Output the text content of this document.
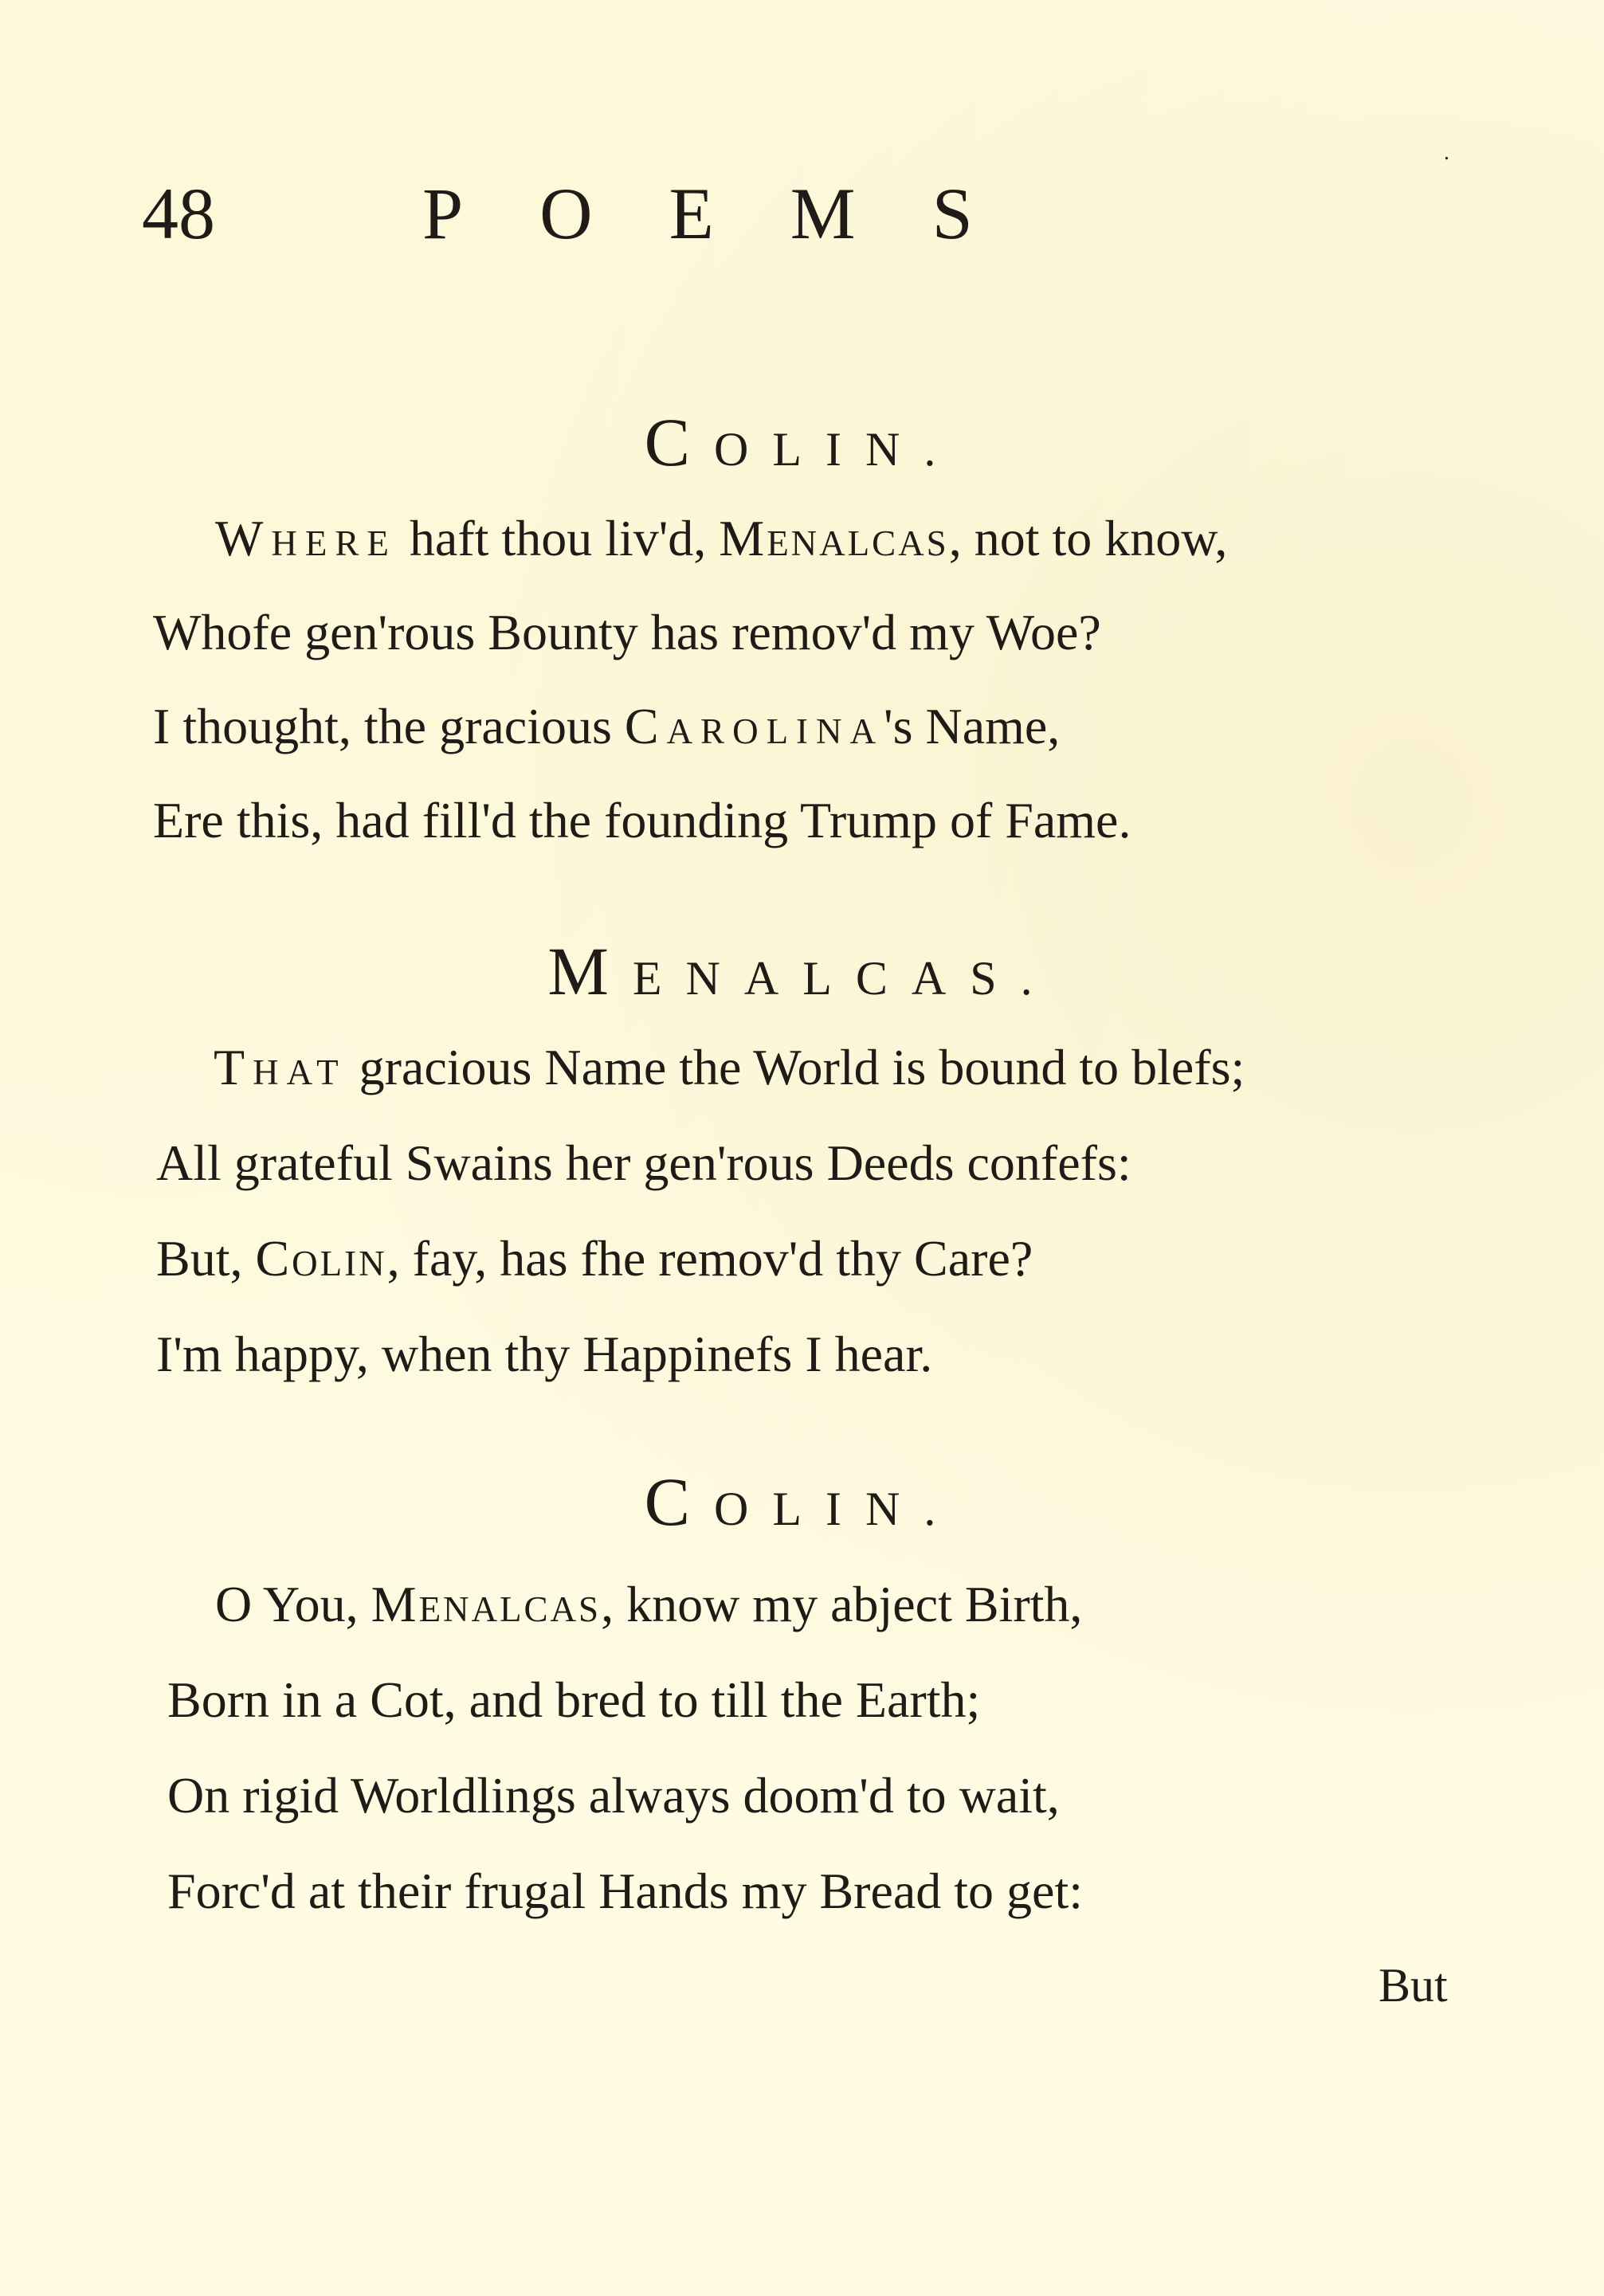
48	POEMS
.
COLIN.
Where haft thou liv'd, Menalcas, not to know,
Whofe gen'rous Bounty has remov'd my Woe?
I thought, the gracious Carolina's Name,
Ere this, had fill'd the founding Trump of Fame.
MENALCAS.
That gracious Name the World is bound to blefs;
All grateful Swains her gen'rous Deeds confefs:
But, Colin, fay, has fhe remov'd thy Care?
I'm happy, when thy Happinefs I hear.
COLIN.
O You, Menalcas, know my abject Birth,
Born in a Cot, and bred to till the Earth;
On rigid Worldlings always doom'd to wait,
Forc'd at their frugal Hands my Bread to get:
But
